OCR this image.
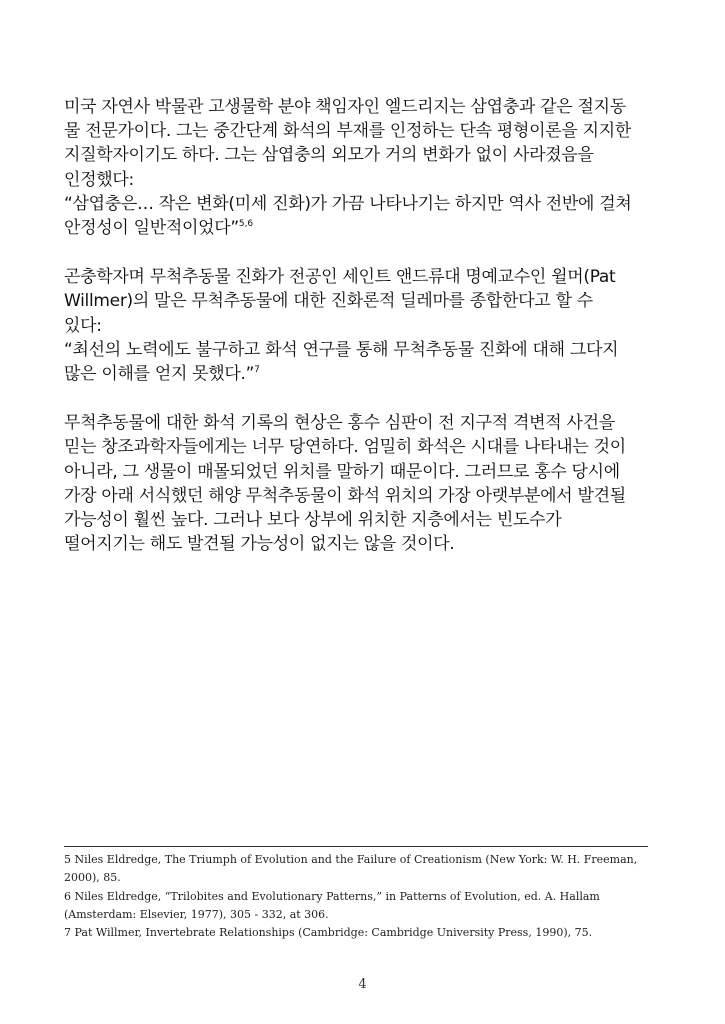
미국 자연사 박물관 고생물학 분야 책임자인 엘드리지는 삼엽충과 같은 절지동
물 전문가이다. 그는 중간단계 화석의 부재를 인정하는 단속 평형이론을 지지한
지질학자이기도 하다. 그는 삼엽충의 외모가 거의 변화가 없이 사라졌음을
인정했다:
“삼엽충은… 작은 변화(미세 진화)가 가끔 나타나기는 하지만 역사 전반에 걸쳐
안정성이 일반적이었다”$^{5,6}$

곤충학자며 무척추동물 진화가 전공인 세인트 앤드류대 명예교수인 윌머(Pat
Willmer)의 말은 무척추동물에 대한 진화론적 딜레마를 종합한다고 할 수
있다:
“최선의 노력에도 불구하고 화석 연구를 통해 무척추동물 진화에 대해 그다지
많은 이해를 얻지 못했다.”$^7$

무척추동물에 대한 화석 기록의 현상은 홍수 심판이 전 지구적 격변적 사건을
믿는 창조과학자들에게는 너무 당연하다. 엄밀히 화석은 시대를 나타내는 것이
아니라, 그 생물이 매몰되었던 위치를 말하기 때문이다. 그러므로 홍수 당시에
가장 아래 서식했던 해양 무척추동물이 화석 위치의 가장 아랫부분에서 발견될
가능성이 훨씬 높다. 그러나 보다 상부에 위치한 지층에서는 빈도수가
떨어지기는 해도 발견될 가능성이 없지는 않을 것이다.

5 Niles Eldredge, The Triumph of Evolution and the Failure of Creationism (New York: W. H. Freeman,
2000), 85.

6 Niles Eldredge, “Trilobites and Evolutionary Patterns,” in Patterns of Evolution, ed. A. Hallam
(Amsterdam: Elsevier, 1977), 305 - 332, at 306.

7 Pat Willmer, Invertebrate Relationships (Cambridge: Cambridge University Press, 1990), 75.

4
